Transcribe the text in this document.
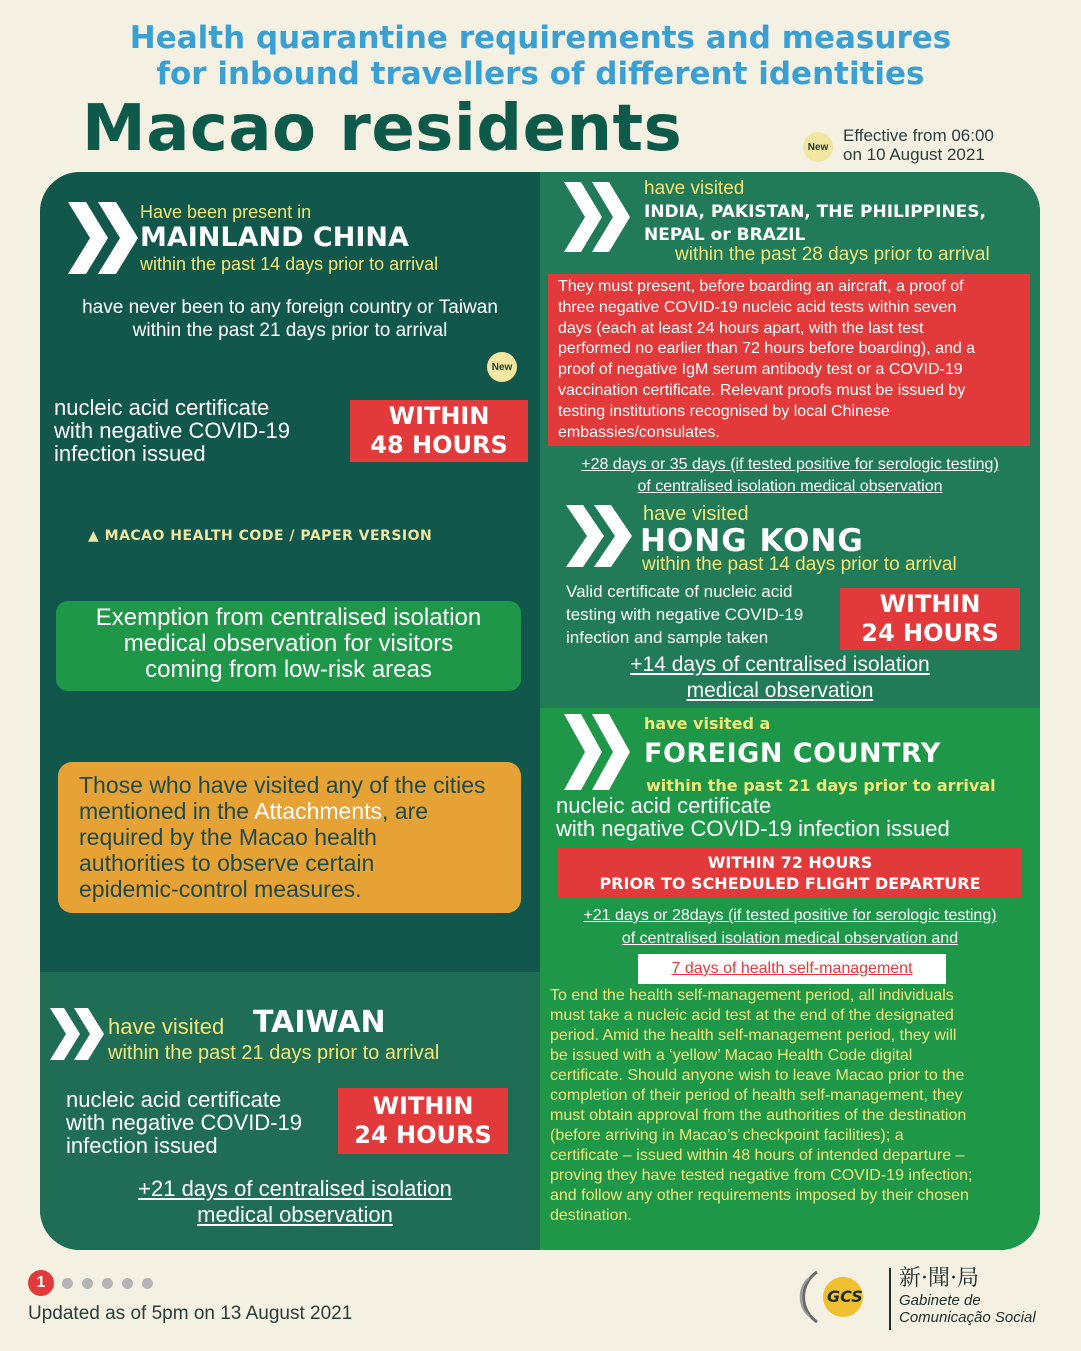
Health quarantine requirements and measures
for inbound travellers of different identities
Macao residents	New
Effective from 06:00
on 10 August 2021
Have been present in
MAINLAND CHINA
within the past 14 days prior to arrival
have never been to any foreign country or Taiwan
within the past 21 days prior to arrival
New
nucleic acid certificate
with negative COVID-19
infection issued
WITHIN
48 HOURS
▲ MACAO HEALTH CODE / PAPER VERSION
Exemption from centralised isolation
medical observation for visitors
coming from low-risk areas
Those who have visited any of the cities
mentioned in the Attachments, are
required by the Macao health
authorities to observe certain
epidemic-control measures.
have visited TAIWAN
within the past 21 days prior to arrival
nucleic acid certificate
with negative COVID-19
infection issued
WITHIN
24 HOURS
+21 days of centralised isolation
medical observation
have visited
INDIA, PAKISTAN, THE PHILIPPINES,
NEPAL or BRAZIL
within the past 28 days prior to arrival
They must present, before boarding an aircraft, a proof of
three negative COVID-19 nucleic acid tests within seven
days (each at least 24 hours apart, with the last test
performed no earlier than 72 hours before boarding), and a
proof of negative IgM serum antibody test or a COVID-19
vaccination certificate. Relevant proofs must be issued by
testing institutions recognised by local Chinese
embassies/consulates.
+28 days or 35 days (if tested positive for serologic testing)
of centralised isolation medical observation
have visited
HONG KONG
within the past 14 days prior to arrival
Valid certificate of nucleic acid
testing with negative COVID-19
infection and sample taken
WITHIN
24 HOURS
+14 days of centralised isolation
medical observation
have visited a
FOREIGN COUNTRY
within the past 21 days prior to arrival
nucleic acid certificate
with negative COVID-19 infection issued
WITHIN 72 HOURS
PRIOR TO SCHEDULED FLIGHT DEPARTURE
+21 days or 28days (if tested positive for serologic testing)
of centralised isolation medical observation and
7 days of health self-management
To end the health self-management period, all individuals
must take a nucleic acid test at the end of the designated
period. Amid the health self-management period, they will
be issued with a ‘yellow’ Macao Health Code digital
certificate. Should anyone wish to leave Macao prior to the
completion of their period of health self-management, they
must obtain approval from the authorities of the destination
(before arriving in Macao’s checkpoint facilities); a
certificate – issued within 48 hours of intended departure –
proving they have tested negative from COVID-19 infection;
and follow any other requirements imposed by their chosen
destination.
1
Updated as of 5pm on 13 August 2021
GCS
新·聞·局
Gabinete de
Comunicação Social
